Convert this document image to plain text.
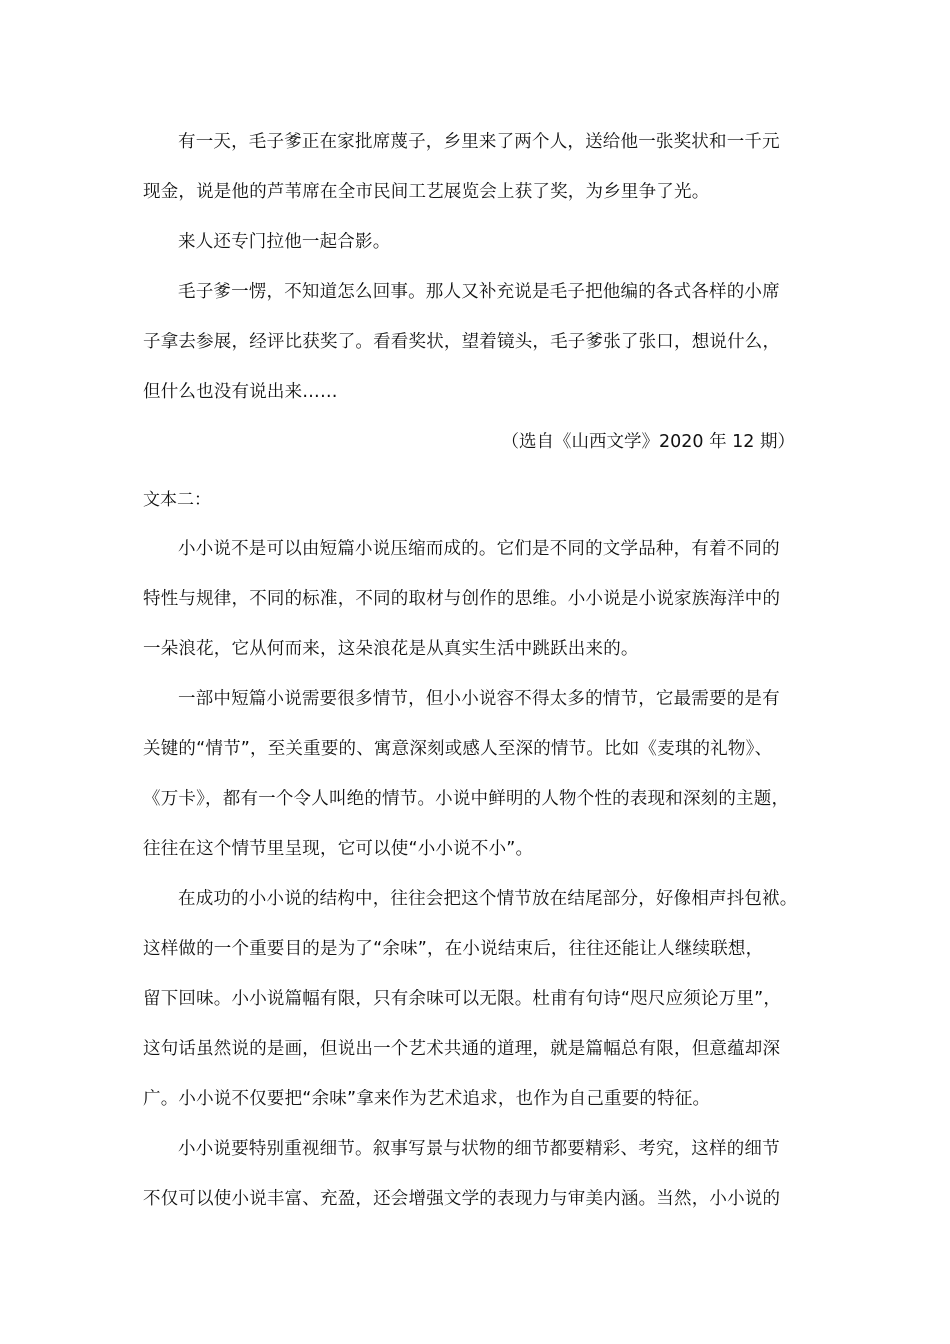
有一天，毛子爹正在家批席蔑子，乡里来了两个人，送给他一张奖状和一千元
现金，说是他的芦苇席在全市民间工艺展览会上获了奖，为乡里争了光。
来人还专门拉他一起合影。
毛子爹一愣，不知道怎么回事。那人又补充说是毛子把他编的各式各样的小席
子拿去参展，经评比获奖了。看看奖状，望着镜头，毛子爹张了张口，想说什么，
但什么也没有说出来……
（选自《山西文学》2020 年 12 期）
文本二：
小小说不是可以由短篇小说压缩而成的。它们是不同的文学品种，有着不同的
特性与规律，不同的标准，不同的取材与创作的思维。小小说是小说家族海洋中的
一朵浪花，它从何而来，这朵浪花是从真实生活中跳跃出来的。
一部中短篇小说需要很多情节，但小小说容不得太多的情节，它最需要的是有
关键的“情节”，至关重要的、寓意深刻或感人至深的情节。比如《麦琪的礼物》、
《万卡》，都有一个令人叫绝的情节。小说中鲜明的人物个性的表现和深刻的主题，
往往在这个情节里呈现，它可以使“小小说不小”。
在成功的小小说的结构中，往往会把这个情节放在结尾部分，好像相声抖包袱。
这样做的一个重要目的是为了“余味”，在小说结束后，往往还能让人继续联想，
留下回味。小小说篇幅有限，只有余味可以无限。杜甫有句诗“咫尺应须论万里”，
这句话虽然说的是画，但说出一个艺术共通的道理，就是篇幅总有限，但意蕴却深
广。小小说不仅要把“余味”拿来作为艺术追求，也作为自己重要的特征。
小小说要特别重视细节。叙事写景与状物的细节都要精彩、考究，这样的细节
不仅可以使小说丰富、充盈，还会增强文学的表现力与审美内涵。当然，小小说的
